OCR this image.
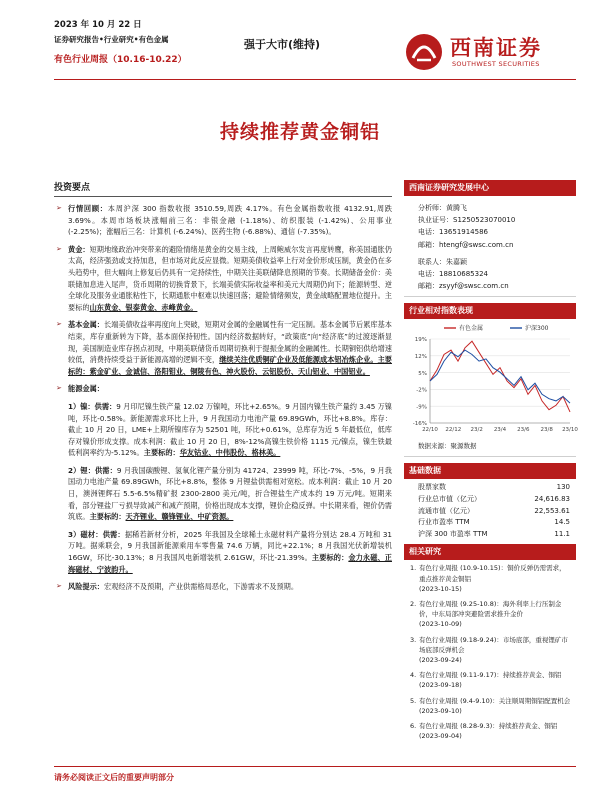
2023 年 10 月 22 日
证券研究报告•行业研究•有色金属
有色行业周报（10.16-10.22）
强于大市(维持)	西南证券
SOUTHWEST SECURITIES
持续推荐黄金铜铝
投资要点
➢ 行情回顾：本周沪深 300 指数收报 3510.59,周跌 4.17%。有色金属指数收报 4132.91,周跌 3.69%。本周市场板块涨幅前三名：非银金融 (-1.18%)、纺织服装 (-1.42%)、公用事业 (-2.25%)；涨幅后三名：计算机 (-6.24%)、医药生物 (-6.88%)、通信 (-7.35%)。
➢ 黄金：短期地缘政治冲突带来的避险情绪是黄金的交易主线，上周鲍威尔发言再度转鹰，称美国通胀仍太高，经济强劲或支持加息，但市场对此反应显微。短期美债收益率上行对金价形成压制，黄金仍在多头趋势中，但大幅向上修复后仍具有一定持续性，中期关注美联储降息预期的节奏。长期储备金价：美联储加息进入尾声，货币周期的切换背景下，长端美债实际收益率和美元大周期仍向下；能源转型、逆全球化及服务业通胀粘性下，长期通胀中枢难以快速回落；避险情绪频发，黄金战略配置地位提升。主要标的山东黄金、银泰黄金、赤峰黄金。
➢ 基本金属：长端美债收益率再度向上突破，短期对金属的金融属性有一定压制。基本金属节后累库基本结束，库存重新转为下降，基本面保持韧性。国内经济数据转好，“政策底”向“经济底”的过渡逐渐显现，美国制造业库存拐点初现，中期美联储货币周期切换利于提振金属的金融属性。长期铜铝供给增速较低，消费持续受益于新能源高增的逻辑不变，继续关注优质铜矿企业及低能源成本铝冶炼企业。主要标的：紫金矿业、金诚信、洛阳钼业、铜陵有色、神火股份、云铝股份、天山铝业、中国铝业。
➢ 能源金属：

1）镍：供需：9 月印尼镍生铁产量 12.02 万镍吨，环比+2.65%。9 月国内镍生铁产量约 3.45 万镍吨，环比-0.58%。新能源需求环比上升，9 月我国动力电池产量 69.89GWh，环比+8.8%。库存：截止 10 月 20 日，LME+上期所镍库存为 52501 吨，环比+0.61%，总库存为近 5 年最低位，低库存对镍价形成支撑。成本利润：截止 10 月 20 日，8%-12%高镍生铁价格 1115 元/镍点，镍生铁最低利润率约为-5.12%。主要标的：华友钴业、中伟股份、格林美。

2）锂：供需：9 月我国碳酸锂、氢氧化锂产量分别为 41724、23999 吨，环比-7%、-5%，9 月我国动力电池产量 69.89GWh，环比+8.8%，整体 9 月锂盐供需相对宽松。成本利润：截止 10 月 20 日，澳洲锂辉石 5.5-6.5%精矿报 2300-2800 美元/吨，折合锂盐生产成本约 19 万元/吨。短期来看，部分锂盐厂亏损导致减产和减产预期，价格出现成本支撑，锂价企稳反弹。中长期来看，锂价仍需筑底。主要标的：天齐锂业、赣锋锂业、中矿资源。

3）磁材：供需：据稀若新材分析，2025 年我国及全球稀土永磁材料产量将分别达 28.4 万吨和 31 万吨。据乘联会，9 月我国新能源乘用车零售量 74.6 万辆，同比+22.1%；8 月我国光伏新增装机 16GW，环比-30.13%；8 月我国风电新增装机 2.61GW，环比-21.39%。主要标的：金力永磁、正海磁材、宁波韵升。

➢ 风险提示：宏观经济不及预期，产业供需格局恶化，下游需求不及预期。
西南证券研究发展中心
分析师：黄腾飞
执业证号：S1250523070010
电话：13651914586
邮箱：htengf@swsc.com.cn
联系人：朱嘉颖
电话：18810685324
邮箱：zsyyf@swsc.com.cn
行业相对指数表现
19%
12%
5%
-2%
-9%
-16%
22/10 22/12 23/2 23/4 23/6 23/8 23/10
有色金属	沪深300
数据来源：聚源数据
基础数据
股票家数	130
行业总市值（亿元）	24,616.83
流通市值（亿元）	22,553.61
行业市盈率 TTM	14.5
沪深 300 市盈率 TTM	11.1
相关研究
1. 有色行业周报 (10.9-10.15)：铜价反弹仍需需求，重点推荐黄金铜铝
(2023-10-15)
2. 有色行业周报 (9.25-10.8)：海外利率上行压制金价，中东局部冲突避险需求推升金价
(2023-10-09)
3. 有色行业周报 (9.18-9.24)：市场底部，重视锂矿市场底部反弹机会
(2023-09-24)
4. 有色行业周报 (9.11-9.17)：持续推荐黄金、铜铝
(2023-09-18)
5. 有色行业周报 (9.4-9.10)：关注顺周期铜铝配置机会
(2023-09-10)
6. 有色行业周报 (8.28-9.3)：持续推荐黄金、铜铝
(2023-09-04)
请务必阅读正文后的重要声明部分
